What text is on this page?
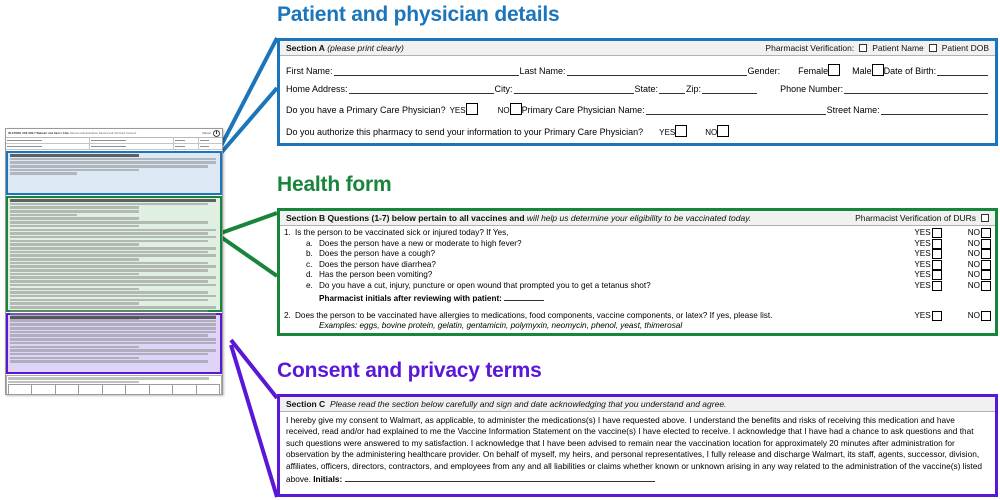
IN-STORE USE ONLY Walmart and Sam's Club Vaccine Administration Record and Informed Consent	Walmart

Patient and physician details
Health form
Consent and privacy terms
Section A
(please print clearly)	Pharmacist Verification: Patient Name Patient DOB
First Name:	Last Name:	Gender:	Female	Male Date of Birth:
Home Address:	City:	State:	Zip:	Phone Number:
Do you have a Primary Care Physician? YES	NO Primary Care Physician Name:	Street Name:
Do you authorize this pharmacy to send your information to your Primary Care Physician?	YES	NO
Section B Questions (1-7) below pertain to all vaccines and
will help us determine your eligibility to be vaccinated today.	Pharmacist Verification of DURs
1. Is the person to be vaccinated sick or injured today? If Yes,	YES	NO
a. Does the person have a new or moderate to high fever?	YES	NO
b. Does the person have a cough?	YES	NO
c. Does the person have diarrhea?	YES	NO
d. Has the person been vomiting?	YES	NO
e. Do you have a cut, injury, puncture or open wound that prompted you to get a tetanus shot?	YES	NO
Pharmacist initials after reviewing with patient:
2. Does the person to be vaccinated have allergies to medications, food components, vaccine components, or latex? If yes, please list.	YES	NO
Examples: eggs, bovine protein, gelatin, gentamicin, polymyxin, neomycin, phenol, yeast, thimerosal
Section C
Please read the section below carefully and sign and date acknowledging that you understand and agree.
I hereby give my consent to Walmart, as applicable, to administer the medications(s) I have requested above. I understand the benefits and risks of receiving this medication and have received, read and/or had explained to me the Vaccine Information Statement on the vaccine(s) I have elected to receive. I acknowledge that I have had a chance to ask questions and that such questions were answered to my satisfaction. I acknowledge that I have been advised to remain near the vaccination location for approximately 20 minutes after administration for observation by the administering healthcare provider. On behalf of myself, my heirs, and personal representatives, I fully release and discharge Walmart, its staff, agents, successor, division, affiliates, officers, directors, contractors, and employees from any and all liabilities or claims whether known or unknown arising in any way related to the administration of the vaccine(s) listed above. Initials:
